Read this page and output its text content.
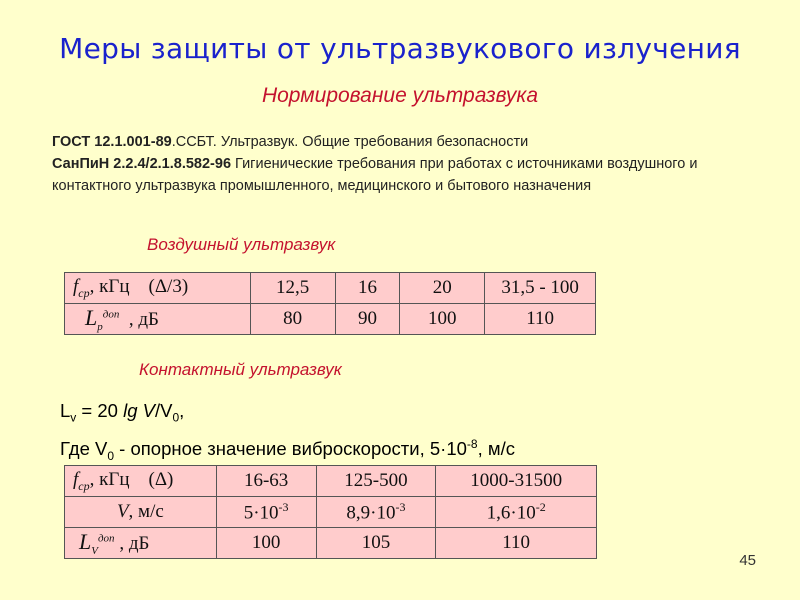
Меры защиты от ультразвукового излучения
Нормирование ультразвука
ГОСТ 12.1.001-89.ССБТ. Ультразвук. Общие требования безопасности
СанПиН 2.2.4/2.1.8.582-96 Гигиенические требования при работах с источниками воздушного и контактного ультразвука промышленного, медицинского и бытового назначения
Воздушный ультразвук
$f_{ср}$, кГц (Δ/3)	12,5	16	20	31,5 - 100
$L_р^{доп}$ , дБ	80	90	100	110
Контактный ультразвук
$L_v = 20$ $\lg V/V_0$,
Где $V_0$ - опорное значение виброскорости, $5\cdot 10^{-8}$, м/с
$f_{ср}$, кГц (Δ)	16-63	125-500	1000-31500
V, м/с	$5\cdot 10^{-3}$	$8,9\cdot 10^{-3}$	$1,6\cdot 10^{-2}$
$L_V^{доп}$ , дБ	100	105	110
45
